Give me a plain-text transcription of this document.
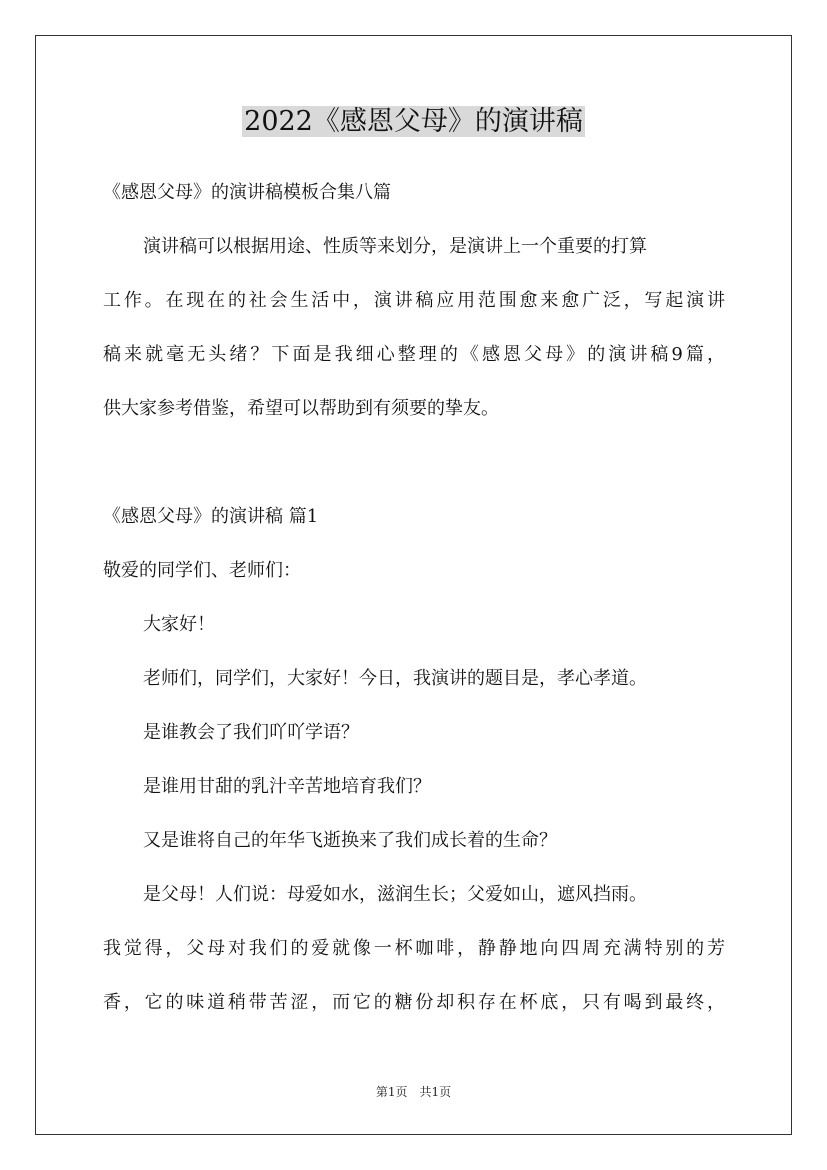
2022《感恩父母》的演讲稿
《感恩父母》的演讲稿模板合集八篇
演讲稿可以根据用途、性质等来划分，是演讲上一个重要的打算
工作。在现在的社会生活中，演讲稿应用范围愈来愈广泛，写起演讲
稿来就毫无头绪？下面是我细心整理的《感恩父母》的演讲稿9篇，
供大家参考借鉴，希望可以帮助到有须要的挚友。
《感恩父母》的演讲稿 篇1
敬爱的同学们、老师们：
大家好！
老师们，同学们，大家好！今日，我演讲的题目是，孝心孝道。
是谁教会了我们吖吖学语？
是谁用甘甜的乳汁辛苦地培育我们？
又是谁将自己的年华飞逝换来了我们成长着的生命？
是父母！人们说：母爱如水，滋润生长；父爱如山，遮风挡雨。
我觉得，父母对我们的爱就像一杯咖啡，静静地向四周充满特别的芳
香，它的味道稍带苦涩，而它的糖份却积存在杯底，只有喝到最终，
第1页 共1页
